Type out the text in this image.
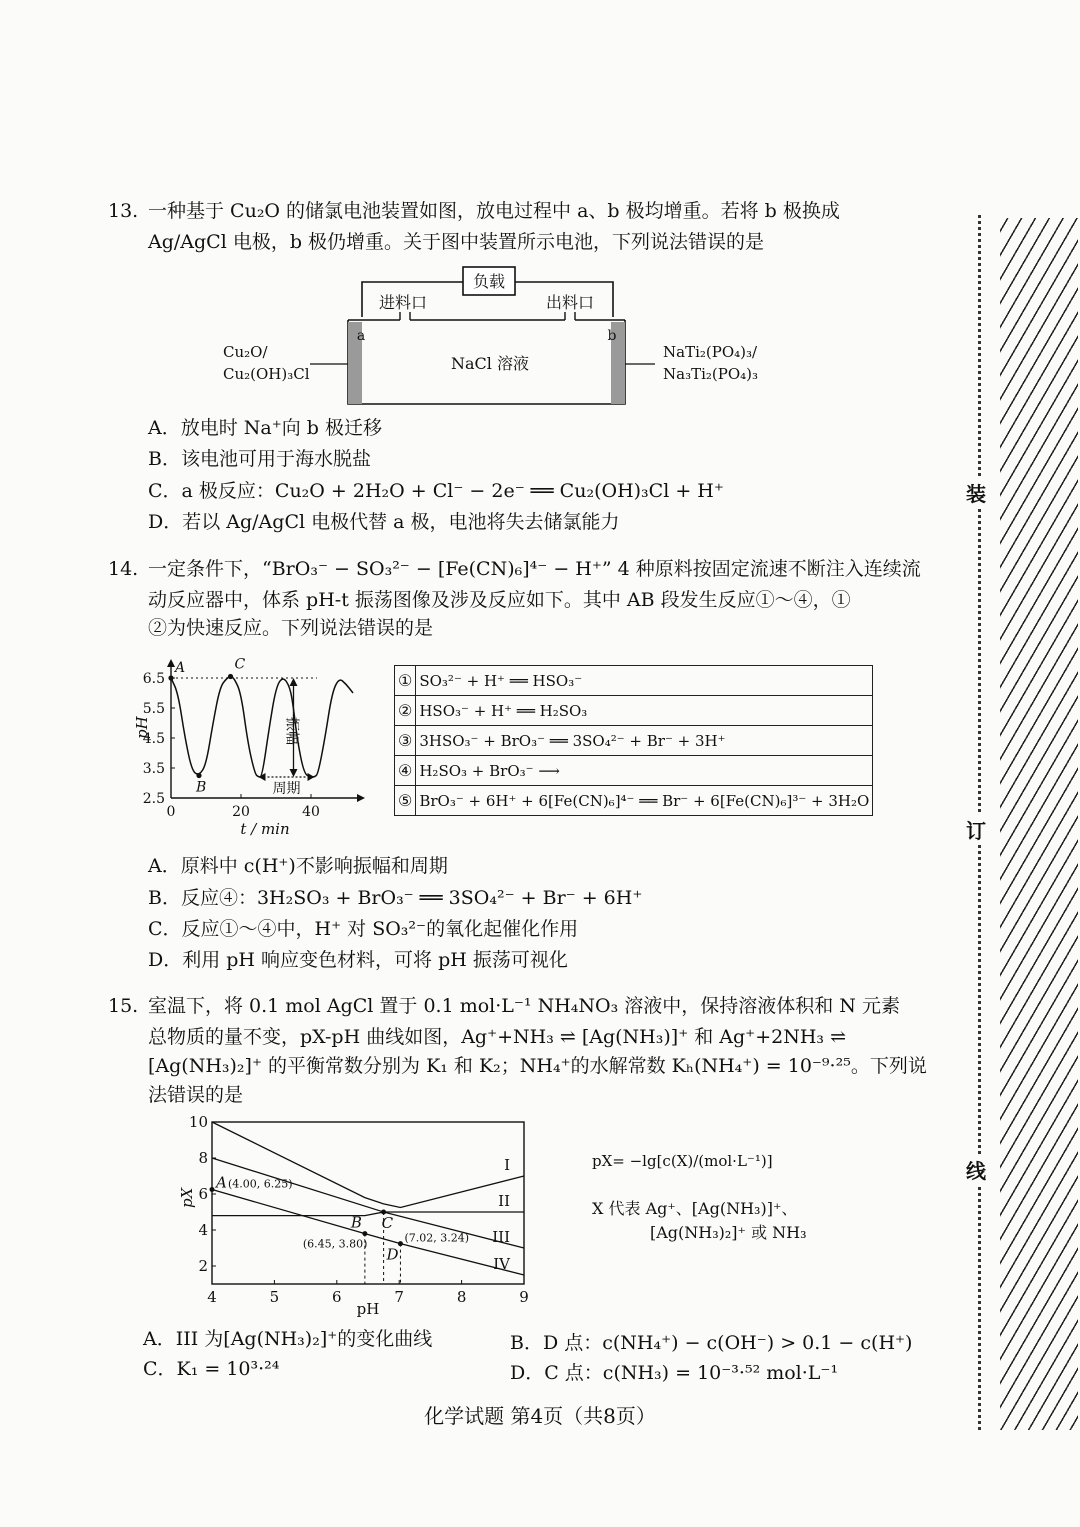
13. 一种基于 Cu₂O 的储氯电池装置如图，放电过程中 a、b 极均增重。若将 b 极换成
Ag/AgCl 电极，b 极仍增重。关于图中装置所示电池，下列说法错误的是
负载
进料口	出料口
a	b
NaCl 溶液
Cu₂O/
Cu₂(OH)₃Cl
NaTi₂(PO₄)₃/
Na₃Ti₂(PO₄)₃
A．放电时 Na⁺向 b 极迁移
B．该电池可用于海水脱盐
C．a 极反应：Cu₂O + 2H₂O + Cl⁻ − 2e⁻ ══ Cu₂(OH)₃Cl + H⁺
D．若以 Ag/AgCl 电极代替 a 极，电池将失去储氯能力
14. 一定条件下，“BrO₃⁻ − SO₃²⁻ − [Fe(CN)₆]⁴⁻ − H⁺” 4 种原料按固定流速不断注入连续流
动反应器中，体系 pH-t 振荡图像及涉及反应如下。其中 AB 段发生反应①～④，①
②为快速反应。下列说法错误的是
2.5
3.5
4.5
5.5
6.5
0	20	40
A
B
C
振幅
周期
pH
t / min
①	SO₃²⁻ + H⁺ ══ HSO₃⁻
②	HSO₃⁻ + H⁺ ══ H₂SO₃
③	3HSO₃⁻ + BrO₃⁻ ══ 3SO₄²⁻ + Br⁻ + 3H⁺
④	H₂SO₃ + BrO₃⁻ ⟶
⑤	BrO₃⁻ + 6H⁺ + 6[Fe(CN)₆]⁴⁻ ══ Br⁻ + 6[Fe(CN)₆]³⁻ + 3H₂O
A．原料中 c(H⁺)不影响振幅和周期
B．反应④：3H₂SO₃ + BrO₃⁻ ══ 3SO₄²⁻ + Br⁻ + 6H⁺
C．反应①～④中，H⁺ 对 SO₃²⁻的氧化起催化作用
D．利用 pH 响应变色材料，可将 pH 振荡可视化
15. 室温下，将 0.1 mol AgCl 置于 0.1 mol·L⁻¹ NH₄NO₃ 溶液中，保持溶液体积和 N 元素
总物质的量不变，pX-pH 曲线如图，Ag⁺+NH₃ ⇌ [Ag(NH₃)]⁺ 和 Ag⁺+2NH₃ ⇌
[Ag(NH₃)₂]⁺ 的平衡常数分别为 K₁ 和 K₂；NH₄⁺的水解常数 Kₕ(NH₄⁺) = 10⁻⁹·²⁵。下列说
法错误的是
2
4
6
8
10
4	5	6	7	8	9
I
II
III
IV
A (4.00, 6.25)
B
(6.45, 3.80)
C
D
(7.02, 3.24)
pX
pH
pX= −lg[c(X)/(mol·L⁻¹)]
X 代表 Ag⁺、[Ag(NH₃)]⁺、
[Ag(NH₃)₂]⁺ 或 NH₃
A．III 为[Ag(NH₃)₂]⁺的变化曲线	B．D 点：c(NH₄⁺) − c(OH⁻) > 0.1 − c(H⁺)
C．K₁ = 10³·²⁴	D．C 点：c(NH₃) = 10⁻³·⁵² mol·L⁻¹
化学试题 第4页（共8页）
装
订
线
